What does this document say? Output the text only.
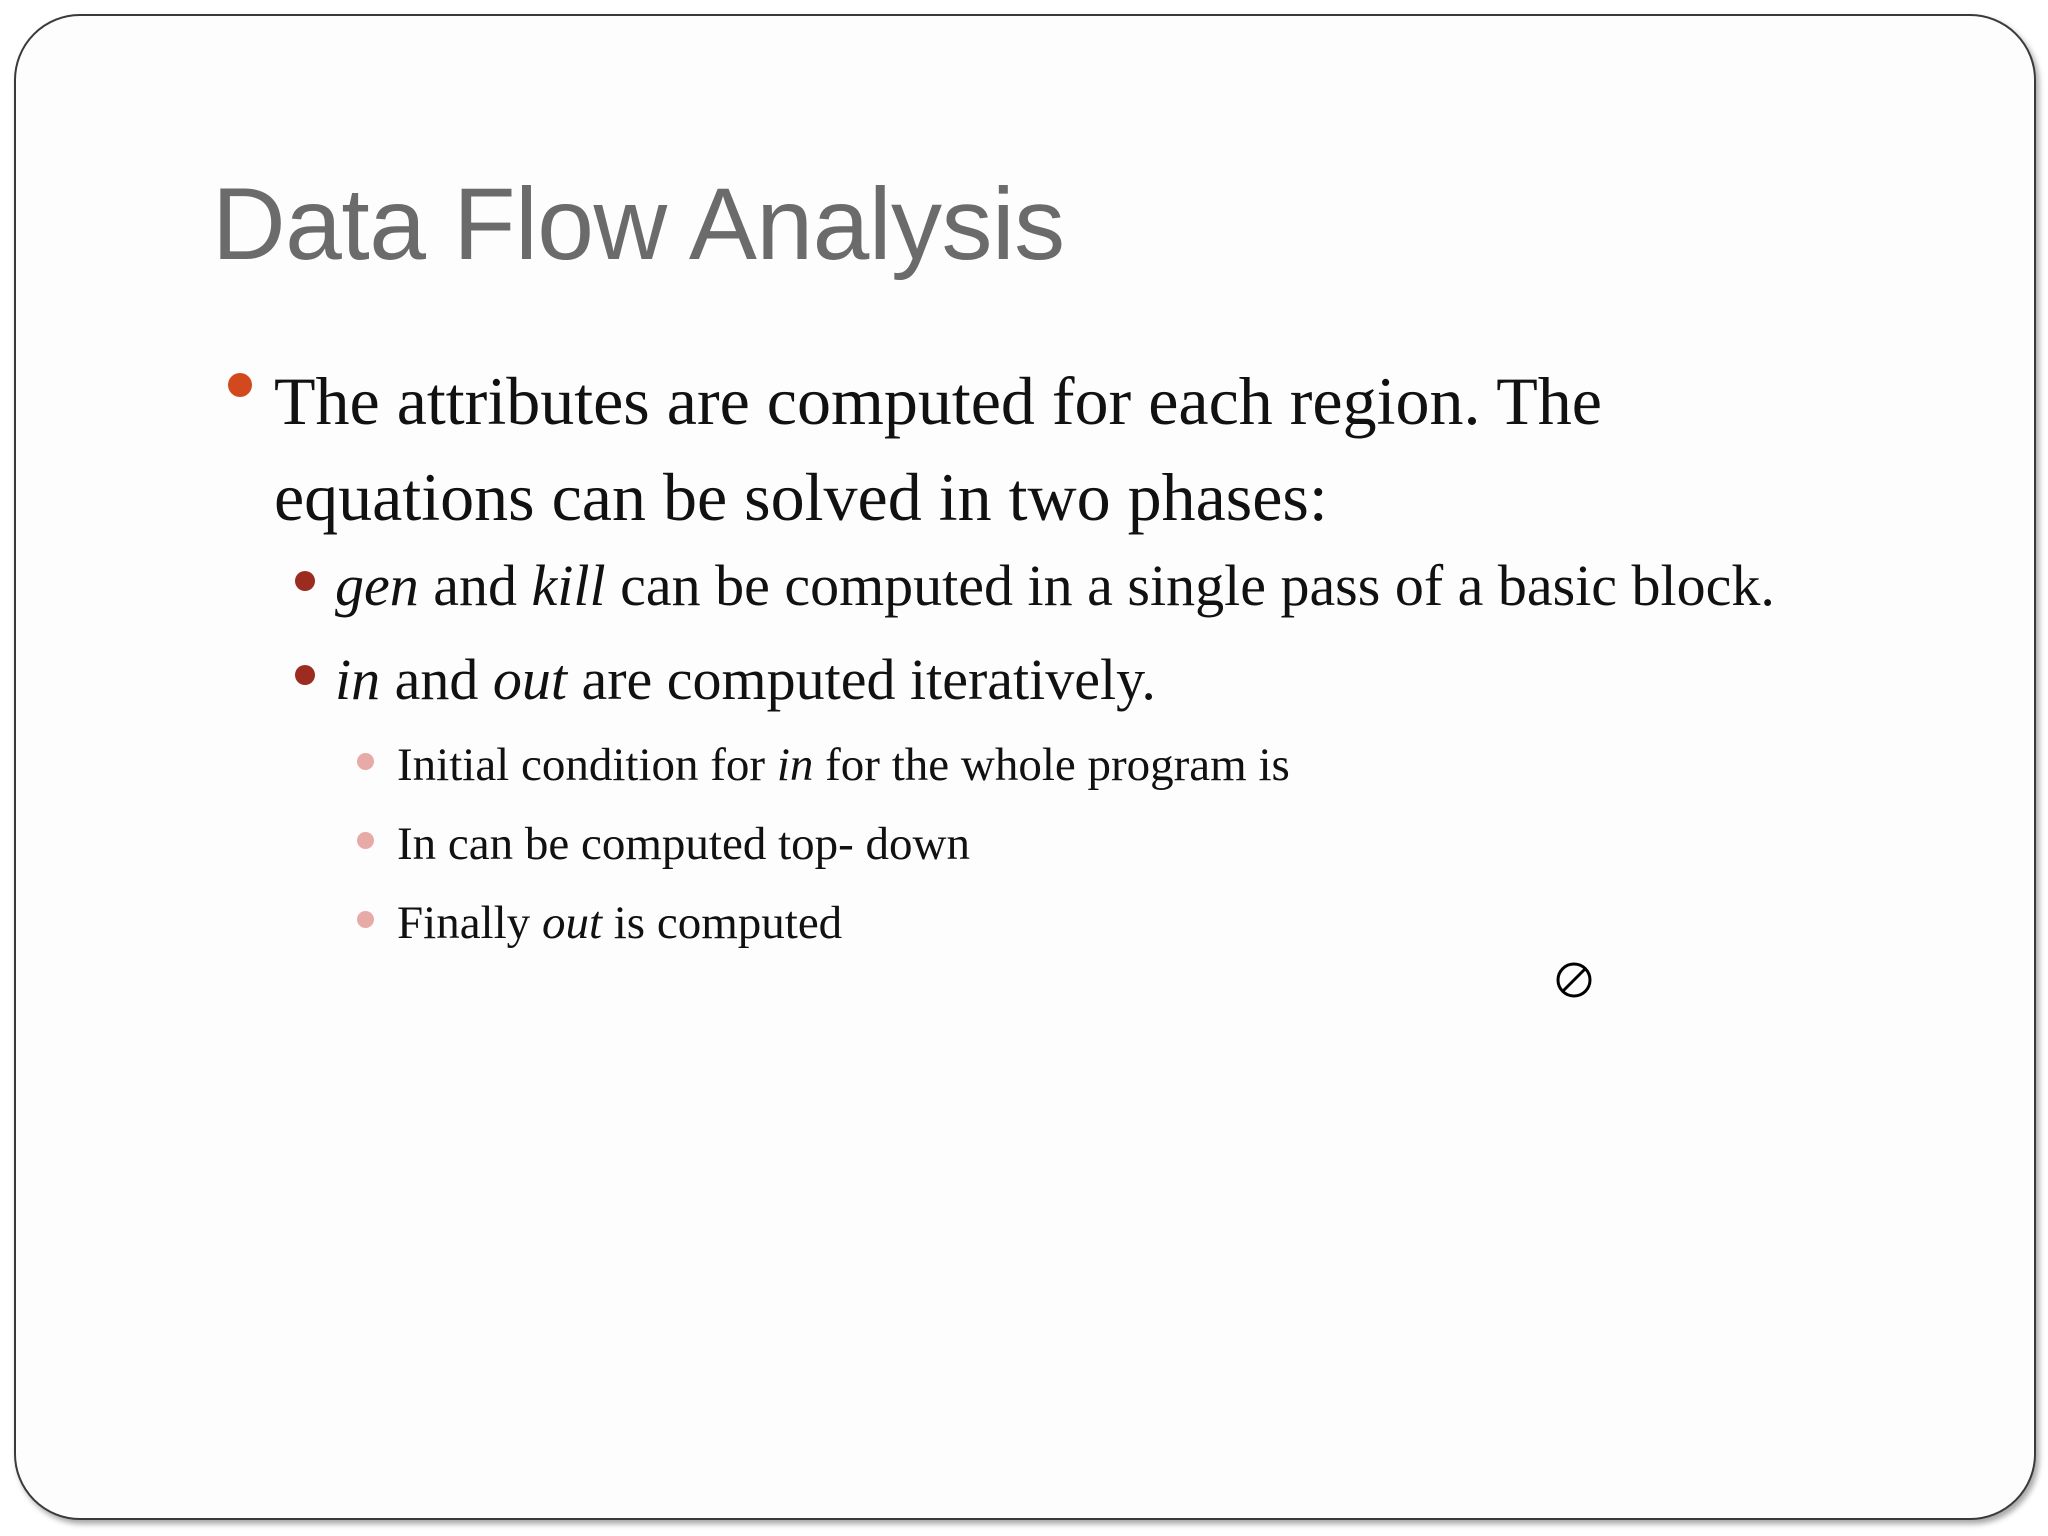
Data Flow Analysis
The attributes are computed for each region. The equations can be solved in two phases:
gen and kill can be computed in a single pass of a basic block.
in and out are computed iteratively.
Initial condition for in for the whole program is
In can be computed top- down
Finally out is computed
